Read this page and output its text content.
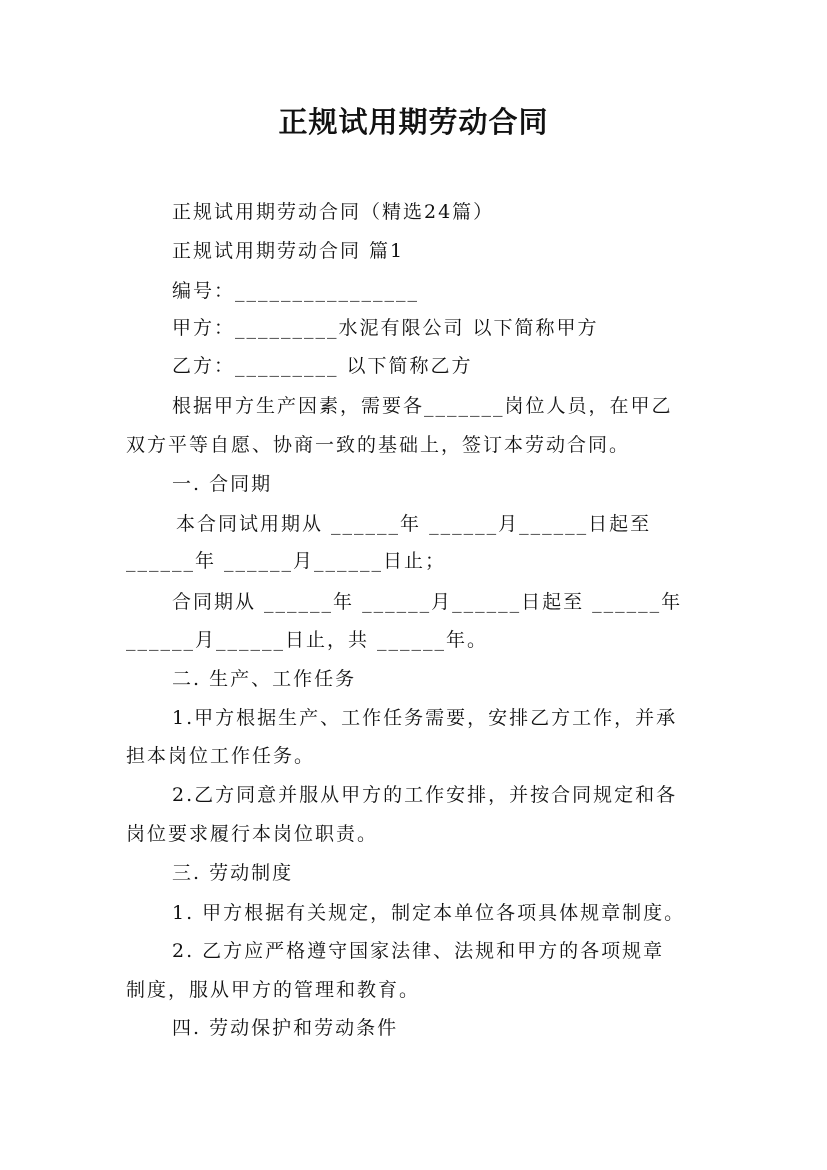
正规试用期劳动合同
正规试用期劳动合同（精选24篇）
正规试用期劳动合同 篇1
编号：________________
甲方：_________水泥有限公司 以下简称甲方
乙方：_________ 以下简称乙方
根据甲方生产因素，需要各_______岗位人员，在甲乙
双方平等自愿、协商一致的基础上，签订本劳动合同。
一. 合同期
本合同试用期从 ______年 ______月______日起至
______年 ______月______日止；
合同期从 ______年 ______月______日起至 ______年
______月______日止，共 ______年。
二. 生产、工作任务
1.甲方根据生产、工作任务需要，安排乙方工作，并承
担本岗位工作任务。
2.乙方同意并服从甲方的工作安排，并按合同规定和各
岗位要求履行本岗位职责。
三. 劳动制度
1. 甲方根据有关规定，制定本单位各项具体规章制度。
2. 乙方应严格遵守国家法律、法规和甲方的各项规章
制度，服从甲方的管理和教育。
四. 劳动保护和劳动条件
